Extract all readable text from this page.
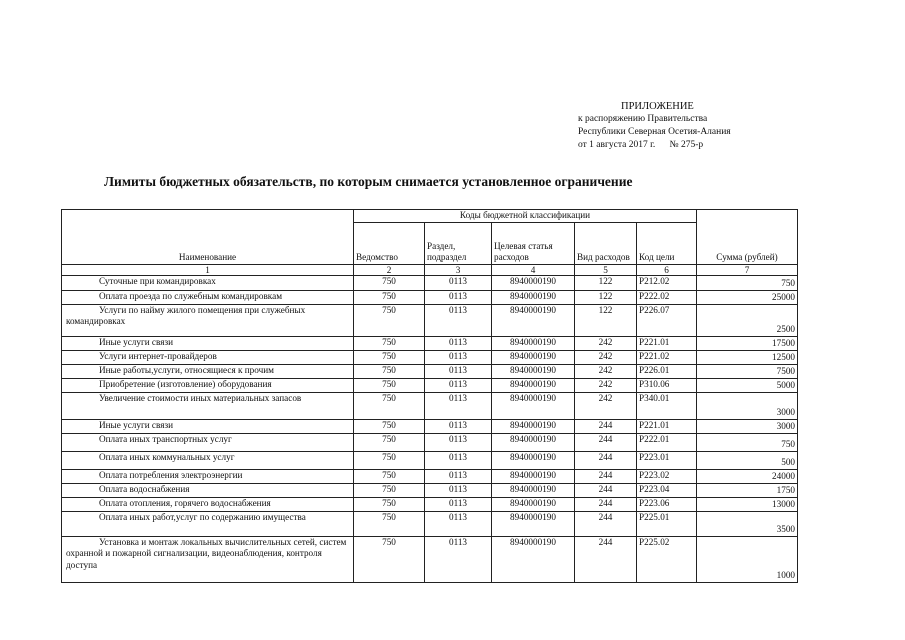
ПРИЛОЖЕНИЕ
к распоряжению Правительства
Республики Северная Осетия-Алания
от 1 августа 2017 г. № 275-р
Лимиты бюджетных обязательств, по которым снимается установленное ограничение
Наименование	Коды бюджетной классификации					Сумма (рублей)
	Ведомство	Раздел, подраздел	Целевая статья расходов	Вид расходов	Код цели	
1	2	3	4	5	6	7
Суточные при командировках	750	0113	8940000190	122	Р212.02	750
Оплата проезда по служебным командировкам	750	0113	8940000190	122	Р222.02	25000
Услуги по найму жилого помещения при служебных командировках	750	0113	8940000190	122	Р226.07	2500
Иные услуги связи	750	0113	8940000190	242	Р221.01	17500
Услуги интернет-провайдеров	750	0113	8940000190	242	Р221.02	12500
Иные работы,услуги, относящиеся к прочим	750	0113	8940000190	242	Р226.01	7500
Приобретение (изготовление) оборудования	750	0113	8940000190	242	Р310.06	5000
Увеличение стоимости иных материальных запасов	750	0113	8940000190	242	Р340.01	3000
Иные услуги связи	750	0113	8940000190	244	Р221.01	3000
Оплата иных транспортных услуг	750	0113	8940000190	244	Р222.01	750
Оплата иных коммунальных услуг	750	0113	8940000190	244	Р223.01	500
Оплата потребления электроэнергии	750	0113	8940000190	244	Р223.02	24000
Оплата водоснабжения	750	0113	8940000190	244	Р223.04	1750
Оплата отопления, горячего водоснабжения	750	0113	8940000190	244	Р223.06	13000
Оплата иных работ,услуг по содержанию имущества	750	0113	8940000190	244	Р225.01	3500
Установка и монтаж локальных вычислительных сетей, систем охранной и пожарной сигнализации, видеонаблюдения, контроля доступа	750	0113	8940000190	244	Р225.02	1000
